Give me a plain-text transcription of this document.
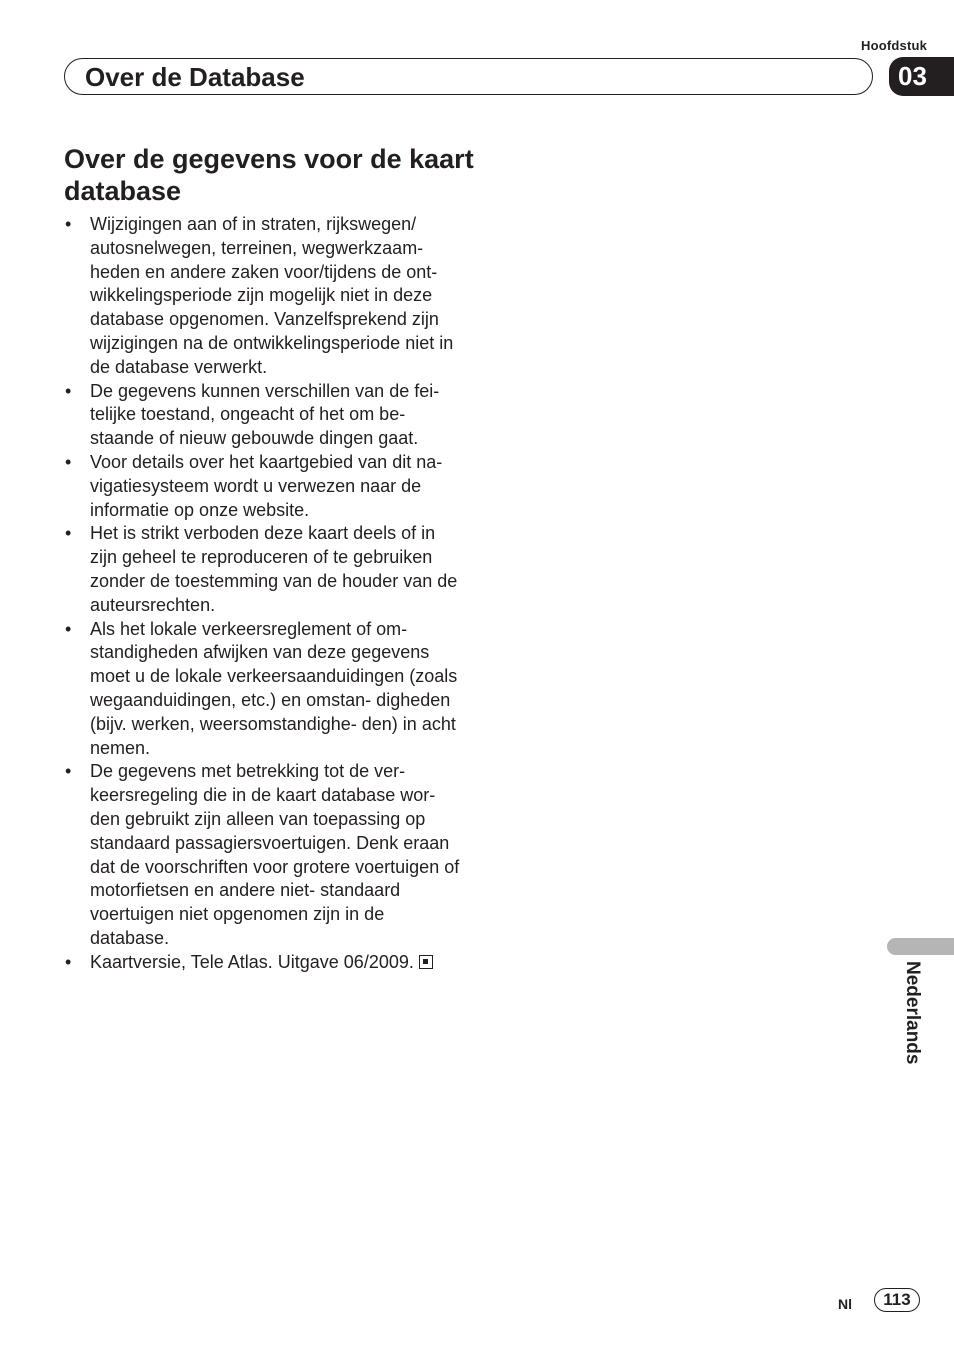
Hoofdstuk
Over de Database	03
Over de gegevens voor de kaart database
• Wijzigingen aan of in straten, rijkswegen/ autosnelwegen, terreinen, wegwerkzaam- heden en andere zaken voor/tijdens de ont- wikkelingsperiode zijn mogelijk niet in deze database opgenomen. Vanzelfsprekend zijn wijzigingen na de ontwikkelingsperiode niet in de database verwerkt.
• De gegevens kunnen verschillen van de fei- telijke toestand, ongeacht of het om be- staande of nieuw gebouwde dingen gaat.
• Voor details over het kaartgebied van dit na- vigatiesysteem wordt u verwezen naar de informatie op onze website.
• Het is strikt verboden deze kaart deels of in zijn geheel te reproduceren of te gebruiken zonder de toestemming van de houder van de auteursrechten.
• Als het lokale verkeersreglement of om- standigheden afwijken van deze gegevens moet u de lokale verkeersaanduidingen (zoals wegaanduidingen, etc.) en omstan- digheden (bijv. werken, weersomstandighe- den) in acht nemen.
• De gegevens met betrekking tot de ver- keersregeling die in de kaart database wor- den gebruikt zijn alleen van toepassing op standaard passagiersvoertuigen. Denk eraan dat de voorschriften voor grotere voertuigen of motorfietsen en andere niet- standaard voertuigen niet opgenomen zijn in de database.
• Kaartversie, Tele Atlas. Uitgave 06/2009.	Nederlands
Nl	113
